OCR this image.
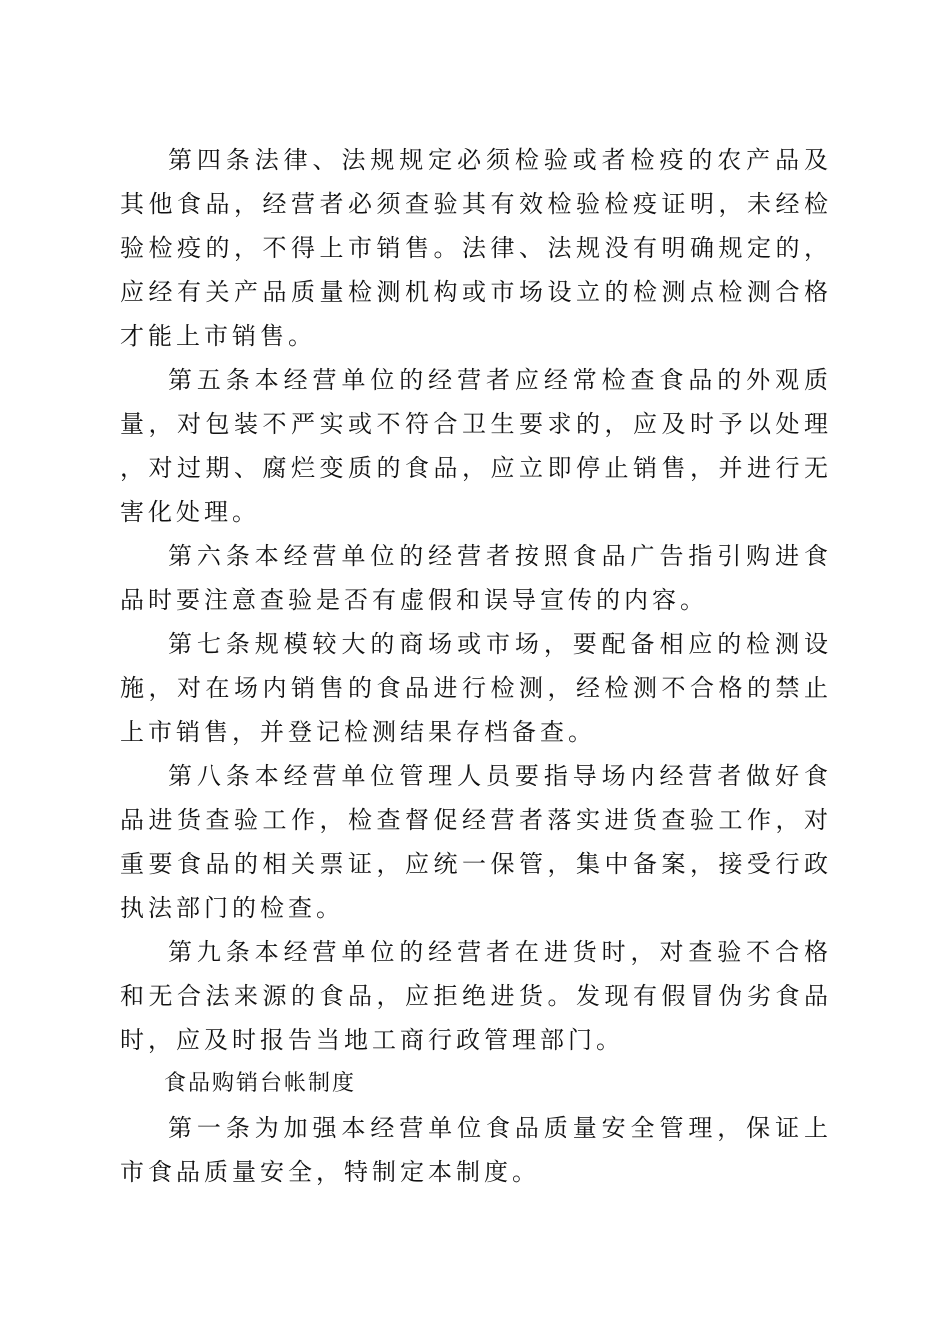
第四条法律、法规规定必须检验或者检疫的农产品及其他食品，经营者必须查验其有效检验检疫证明，未经检验检疫的，不得上市销售。法律、法规没有明确规定的，应经有关产品质量检测机构或市场设立的检测点检测合格才能上市销售。

第五条本经营单位的经营者应经常检查食品的外观质量，对包装不严实或不符合卫生要求的，应及时予以处理，对过期、腐烂变质的食品，应立即停止销售，并进行无害化处理。

第六条本经营单位的经营者按照食品广告指引购进食品时要注意查验是否有虚假和误导宣传的内容。

第七条规模较大的商场或市场，要配备相应的检测设施，对在场内销售的食品进行检测，经检测不合格的禁止上市销售，并登记检测结果存档备查。

第八条本经营单位管理人员要指导场内经营者做好食品进货查验工作，检查督促经营者落实进货查验工作，对重要食品的相关票证，应统一保管，集中备案，接受行政执法部门的检查。

第九条本经营单位的经营者在进货时，对查验不合格和无合法来源的食品，应拒绝进货。发现有假冒伪劣食品时，应及时报告当地工商行政管理部门。

食品购销台帐制度

第一条为加强本经营单位食品质量安全管理，保证上市食品质量安全，特制定本制度。
